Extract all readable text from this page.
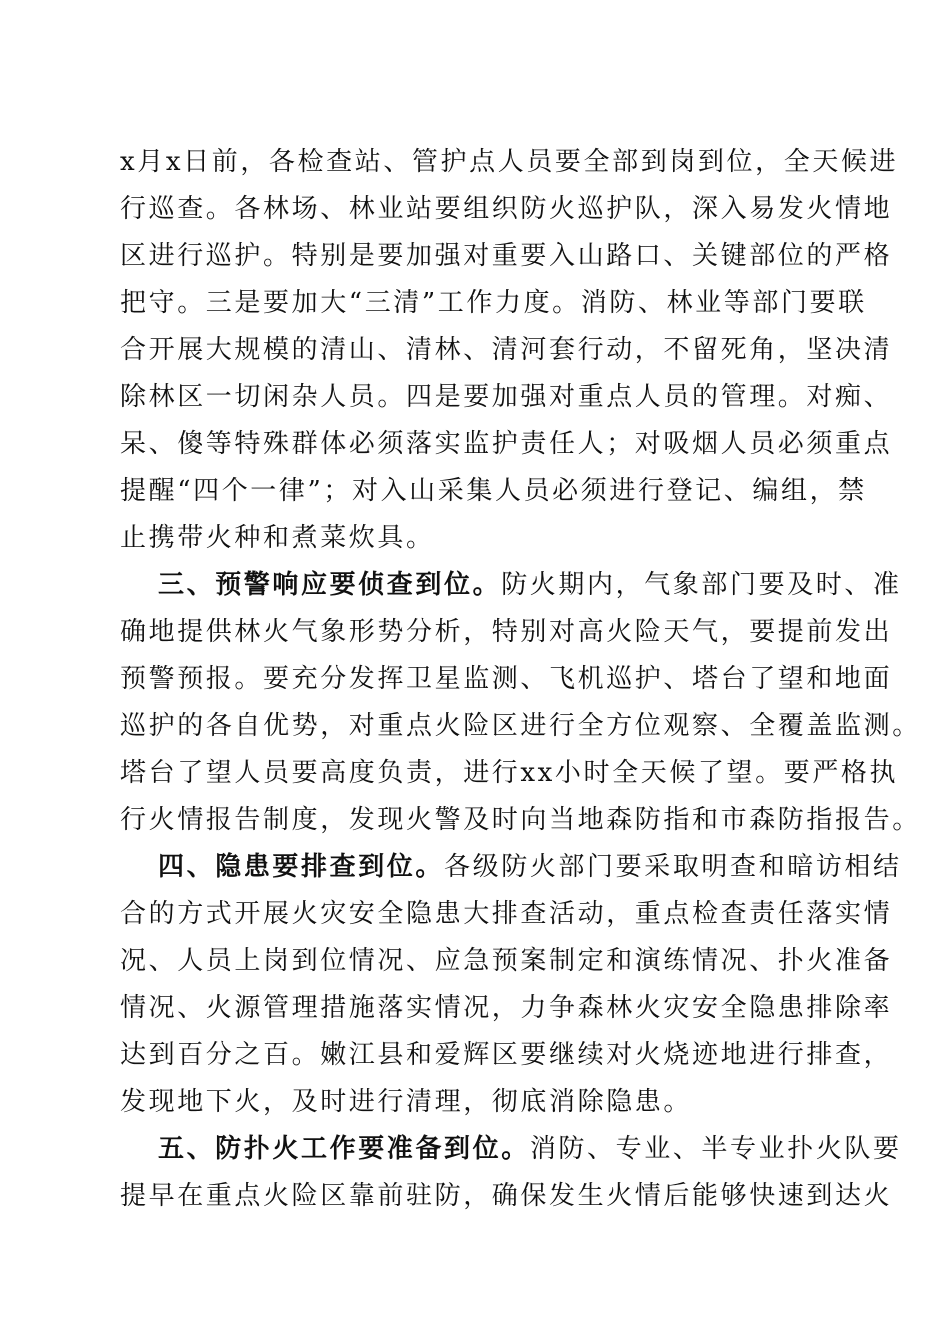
x月x日前，各检查站、管护点人员要全部到岗到位，全天候进
行巡查。各林场、林业站要组织防火巡护队，深入易发火情地
区进行巡护。特别是要加强对重要入山路口、关键部位的严格
把守。三是要加大“三清”工作力度。消防、林业等部门要联
合开展大规模的清山、清林、清河套行动，不留死角，坚决清
除林区一切闲杂人员。四是要加强对重点人员的管理。对痴、
呆、傻等特殊群体必须落实监护责任人；对吸烟人员必须重点
提醒“四个一律”；对入山采集人员必须进行登记、编组，禁
止携带火种和煮菜炊具。
三、预警响应要侦查到位。防火期内，气象部门要及时、准
确地提供林火气象形势分析，特别对高火险天气，要提前发出
预警预报。要充分发挥卫星监测、飞机巡护、塔台了望和地面
巡护的各自优势，对重点火险区进行全方位观察、全覆盖监测。
塔台了望人员要高度负责，进行xx小时全天候了望。要严格执
行火情报告制度，发现火警及时向当地森防指和市森防指报告。
四、隐患要排查到位。各级防火部门要采取明查和暗访相结
合的方式开展火灾安全隐患大排查活动，重点检查责任落实情
况、人员上岗到位情况、应急预案制定和演练情况、扑火准备
情况、火源管理措施落实情况，力争森林火灾安全隐患排除率
达到百分之百。嫩江县和爱辉区要继续对火烧迹地进行排查，
发现地下火，及时进行清理，彻底消除隐患。
五、防扑火工作要准备到位。消防、专业、半专业扑火队要
提早在重点火险区靠前驻防，确保发生火情后能够快速到达火
